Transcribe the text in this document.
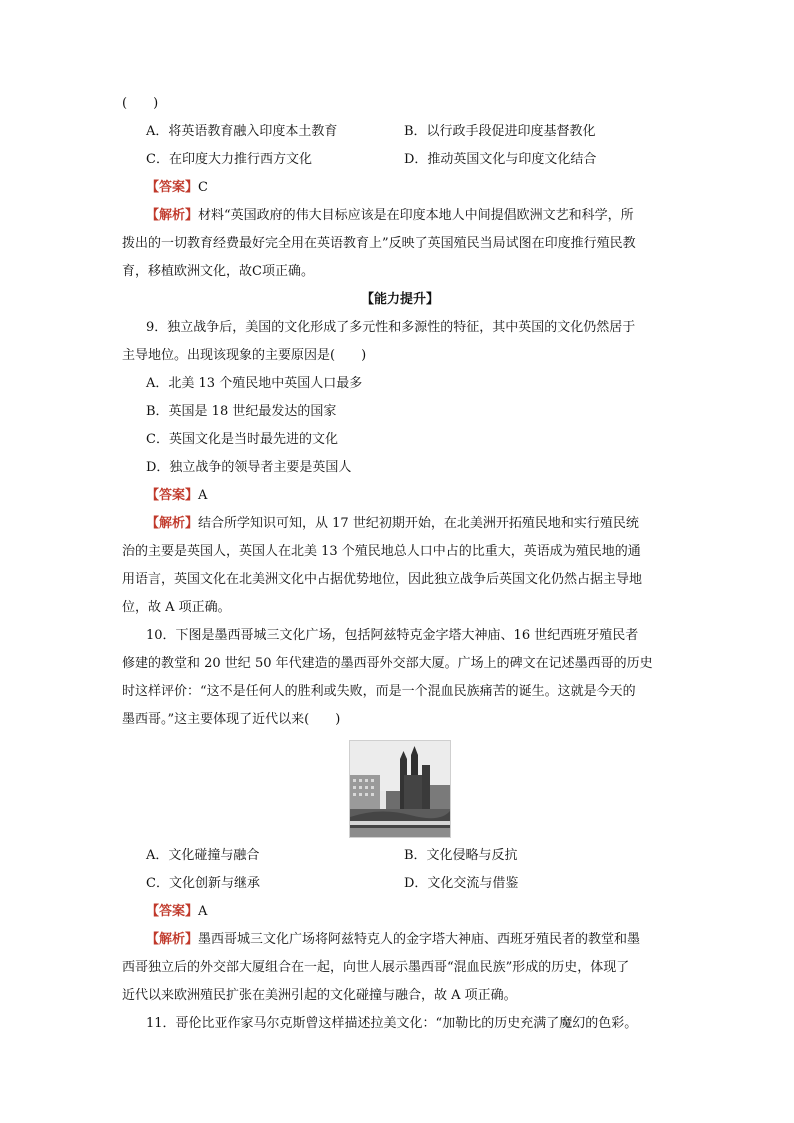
(　　)
A．将英语教育融入印度本土教育	B．以行政手段促进印度基督教化
C．在印度大力推行西方文化	D．推动英国文化与印度文化结合
【答案】C
【解析】材料“英国政府的伟大目标应该是在印度本地人中间提倡欧洲文艺和科学，所
拨出的一切教育经费最好完全用在英语教育上”反映了英国殖民当局试图在印度推行殖民教
育，移植欧洲文化，故C项正确。
【能力提升】
9．独立战争后，美国的文化形成了多元性和多源性的特征，其中英国的文化仍然居于
主导地位。出现该现象的主要原因是(　　)
A．北美 13 个殖民地中英国人口最多
B．英国是 18 世纪最发达的国家
C．英国文化是当时最先进的文化
D．独立战争的领导者主要是英国人
【答案】A
【解析】结合所学知识可知，从 17 世纪初期开始，在北美洲开拓殖民地和实行殖民统
治的主要是英国人，英国人在北美 13 个殖民地总人口中占的比重大，英语成为殖民地的通
用语言，英国文化在北美洲文化中占据优势地位，因此独立战争后英国文化仍然占据主导地
位，故 A 项正确。
10．下图是墨西哥城三文化广场，包括阿兹特克金字塔大神庙、16 世纪西班牙殖民者
修建的教堂和 20 世纪 50 年代建造的墨西哥外交部大厦。广场上的碑文在记述墨西哥的历史
时这样评价：“这不是任何人的胜利或失败，而是一个混血民族痛苦的诞生。这就是今天的
墨西哥。”这主要体现了近代以来(　　)
A．文化碰撞与融合	B．文化侵略与反抗
C．文化创新与继承	D．文化交流与借鉴
【答案】A
【解析】墨西哥城三文化广场将阿兹特克人的金字塔大神庙、西班牙殖民者的教堂和墨
西哥独立后的外交部大厦组合在一起，向世人展示墨西哥“混血民族”形成的历史，体现了
近代以来欧洲殖民扩张在美洲引起的文化碰撞与融合，故 A 项正确。
11．哥伦比亚作家马尔克斯曾这样描述拉美文化：“加勒比的历史充满了魔幻的色彩。
